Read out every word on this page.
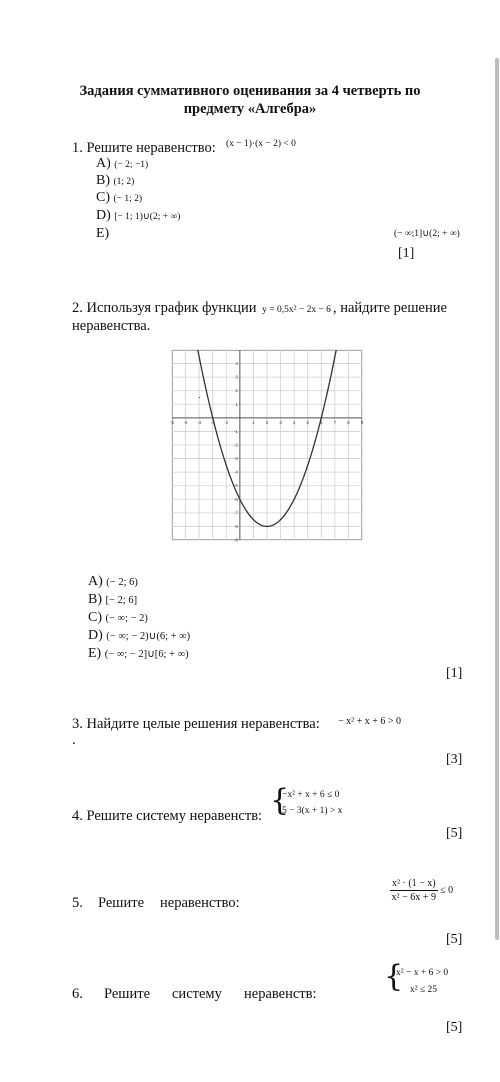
Задания суммативного оценивания за 4 четверть по
предмету «Алгебра»
1. Решите неравенство: (x − 1)·(x − 2) < 0
A) (− 2; −1)
B) (1; 2)
C) (− 1; 2)
D) [− 1; 1)∪(2; + ∞)
E)	(− ∞;1]∪(2; + ∞)
[1]
2. Используя график функции y = 0,5x² − 2x − 6 , найдите решение
неравенства.
-5 -4 -3 -2 -1	1 2 3 4 5 6 7 8 9
4
3
2
1
-1
-2
-3
-4
-5
-6
-7
-8
-9
A) (− 2; 6)
B) [− 2; 6]
C) (− ∞; − 2)
D) (− ∞; − 2)∪(6; + ∞)
E) (− ∞; − 2]∪[6; + ∞)
[1]
3. Найдите целые решения неравенства: − x² + x + 6 > 0
.
[3]
4. Решите систему неравенств: {
−x² + x + 6 ≤ 0
5 − 3(x + 1) > x
[5]
5. Решите неравенство:	$\frac{\text{x² · (1 − x)}}{\text{x² − 6x + 9}} \le 0$
[5]
6. Решите систему неравенств: {
x² − x + 6 > 0
x² ≤ 25
[5]
